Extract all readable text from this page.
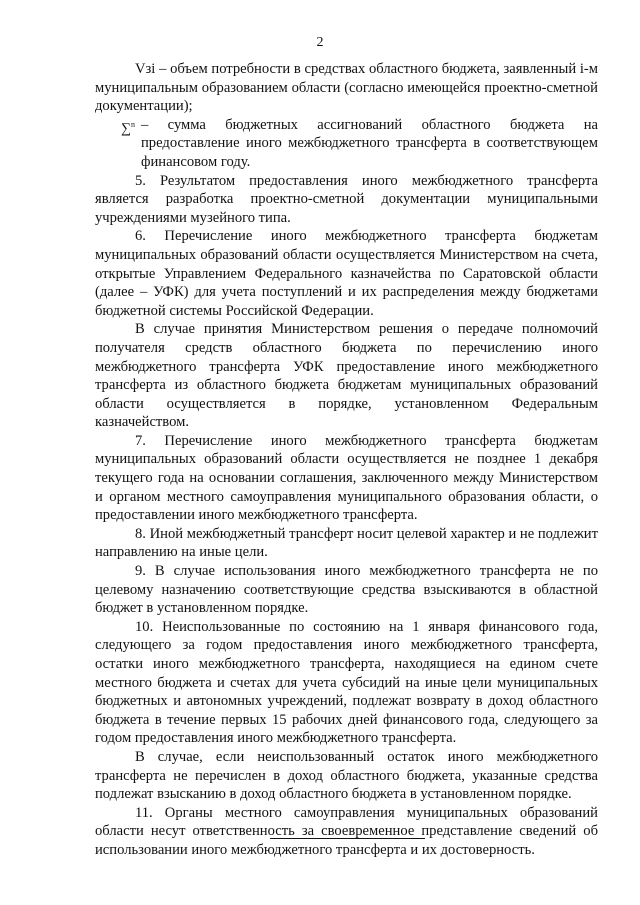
2

Vзi – объем потребности в средствах областного бюджета, заявленный i-м муниципальным образованием области (согласно имеющейся проектно-сметной документации);

∑$^n$ – сумма бюджетных ассигнований областного бюджета на предоставление иного межбюджетного трансферта в соответствующем финансовом году.

5. Результатом предоставления иного межбюджетного трансферта является разработка проектно-сметной документации муниципальными учреждениями музейного типа.

6. Перечисление иного межбюджетного трансферта бюджетам муниципальных образований области осуществляется Министерством на счета, открытые Управлением Федерального казначейства по Саратовской области (далее – УФК) для учета поступлений и их распределения между бюджетами бюджетной системы Российской Федерации.

В случае принятия Министерством решения о передаче полномочий получателя средств областного бюджета по перечислению иного межбюджетного трансферта УФК предоставление иного межбюджетного трансферта из областного бюджета бюджетам муниципальных образований области осуществляется в порядке, установленном Федеральным казначейством.

7. Перечисление иного межбюджетного трансферта бюджетам муниципальных образований области осуществляется не позднее 1 декабря текущего года на основании соглашения, заключенного между Министерством и органом местного самоуправления муниципального образования области, о предоставлении иного межбюджетного трансферта.

8. Иной межбюджетный трансферт носит целевой характер и не подлежит направлению на иные цели.

9. В случае использования иного межбюджетного трансферта не по целевому назначению соответствующие средства взыскиваются в областной бюджет в установленном порядке.

10. Неиспользованные по состоянию на 1 января финансового года, следующего за годом предоставления иного межбюджетного трансферта, остатки иного межбюджетного трансферта, находящиеся на едином счете местного бюджета и счетах для учета субсидий на иные цели муниципальных бюджетных и автономных учреждений, подлежат возврату в доход областного бюджета в течение первых 15 рабочих дней финансового года, следующего за годом предоставления иного межбюджетного трансферта.

В случае, если неиспользованный остаток иного межбюджетного трансферта не перечислен в доход областного бюджета, указанные средства подлежат взысканию в доход областного бюджета в установленном порядке.

11. Органы местного самоуправления муниципальных образований области несут ответственность за своевременное представление сведений об использовании иного межбюджетного трансферта и их достоверность.
